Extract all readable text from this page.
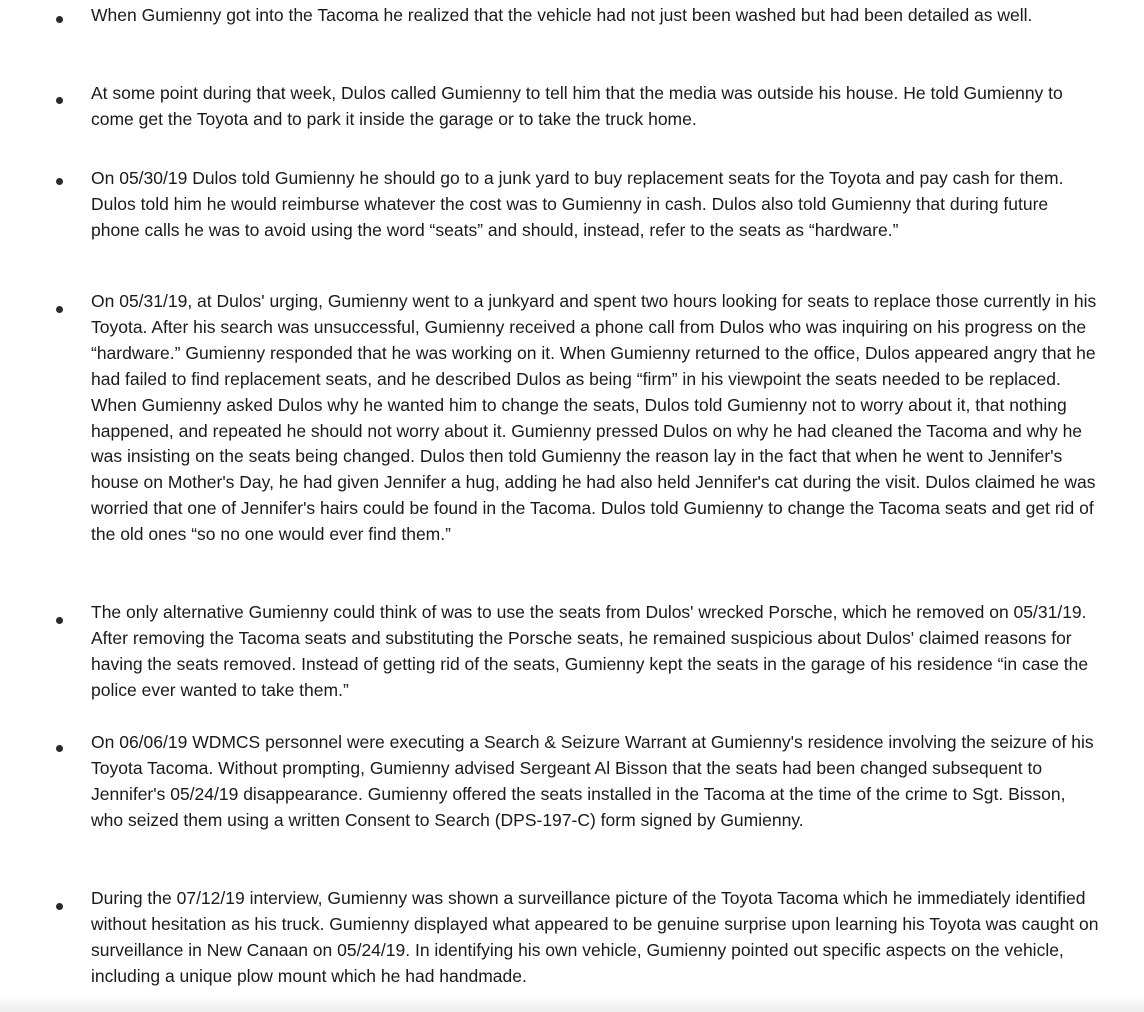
When Gumienny got into the Tacoma he realized that the vehicle had not just been washed but had been detailed as well.

At some point during that week, Dulos called Gumienny to tell him that the media was outside his house. He told Gumienny to come get the Toyota and to park it inside the garage or to take the truck home.

On 05/30/19 Dulos told Gumienny he should go to a junk yard to buy replacement seats for the Toyota and pay cash for them. Dulos told him he would reimburse whatever the cost was to Gumienny in cash. Dulos also told Gumienny that during future phone calls he was to avoid using the word “seats” and should, instead, refer to the seats as “hardware.”

On 05/31/19, at Dulos' urging, Gumienny went to a junkyard and spent two hours looking for seats to replace those currently in his Toyota. After his search was unsuccessful, Gumienny received a phone call from Dulos who was inquiring on his progress on the “hardware.” Gumienny responded that he was working on it. When Gumienny returned to the office, Dulos appeared angry that he had failed to find replacement seats, and he described Dulos as being “firm” in his viewpoint the seats needed to be replaced. When Gumienny asked Dulos why he wanted him to change the seats, Dulos told Gumienny not to worry about it, that nothing happened, and repeated he should not worry about it. Gumienny pressed Dulos on why he had cleaned the Tacoma and why he was insisting on the seats being changed. Dulos then told Gumienny the reason lay in the fact that when he went to Jennifer's house on Mother's Day, he had given Jennifer a hug, adding he had also held Jennifer's cat during the visit. Dulos claimed he was worried that one of Jennifer's hairs could be found in the Tacoma. Dulos told Gumienny to change the Tacoma seats and get rid of the old ones “so no one would ever find them.”

The only alternative Gumienny could think of was to use the seats from Dulos' wrecked Porsche, which he removed on 05/31/19. After removing the Tacoma seats and substituting the Porsche seats, he remained suspicious about Dulos' claimed reasons for having the seats removed. Instead of getting rid of the seats, Gumienny kept the seats in the garage of his residence “in case the police ever wanted to take them.”

On 06/06/19 WDMCS personnel were executing a Search & Seizure Warrant at Gumienny's residence involving the seizure of his Toyota Tacoma. Without prompting, Gumienny advised Sergeant Al Bisson that the seats had been changed subsequent to Jennifer's 05/24/19 disappearance. Gumienny offered the seats installed in the Tacoma at the time of the crime to Sgt. Bisson, who seized them using a written Consent to Search (DPS-197-C) form signed by Gumienny.

During the 07/12/19 interview, Gumienny was shown a surveillance picture of the Toyota Tacoma which he immediately identified without hesitation as his truck. Gumienny displayed what appeared to be genuine surprise upon learning his Toyota was caught on surveillance in New Canaan on 05/24/19. In identifying his own vehicle, Gumienny pointed out specific aspects on the vehicle, including a unique plow mount which he had handmade.
